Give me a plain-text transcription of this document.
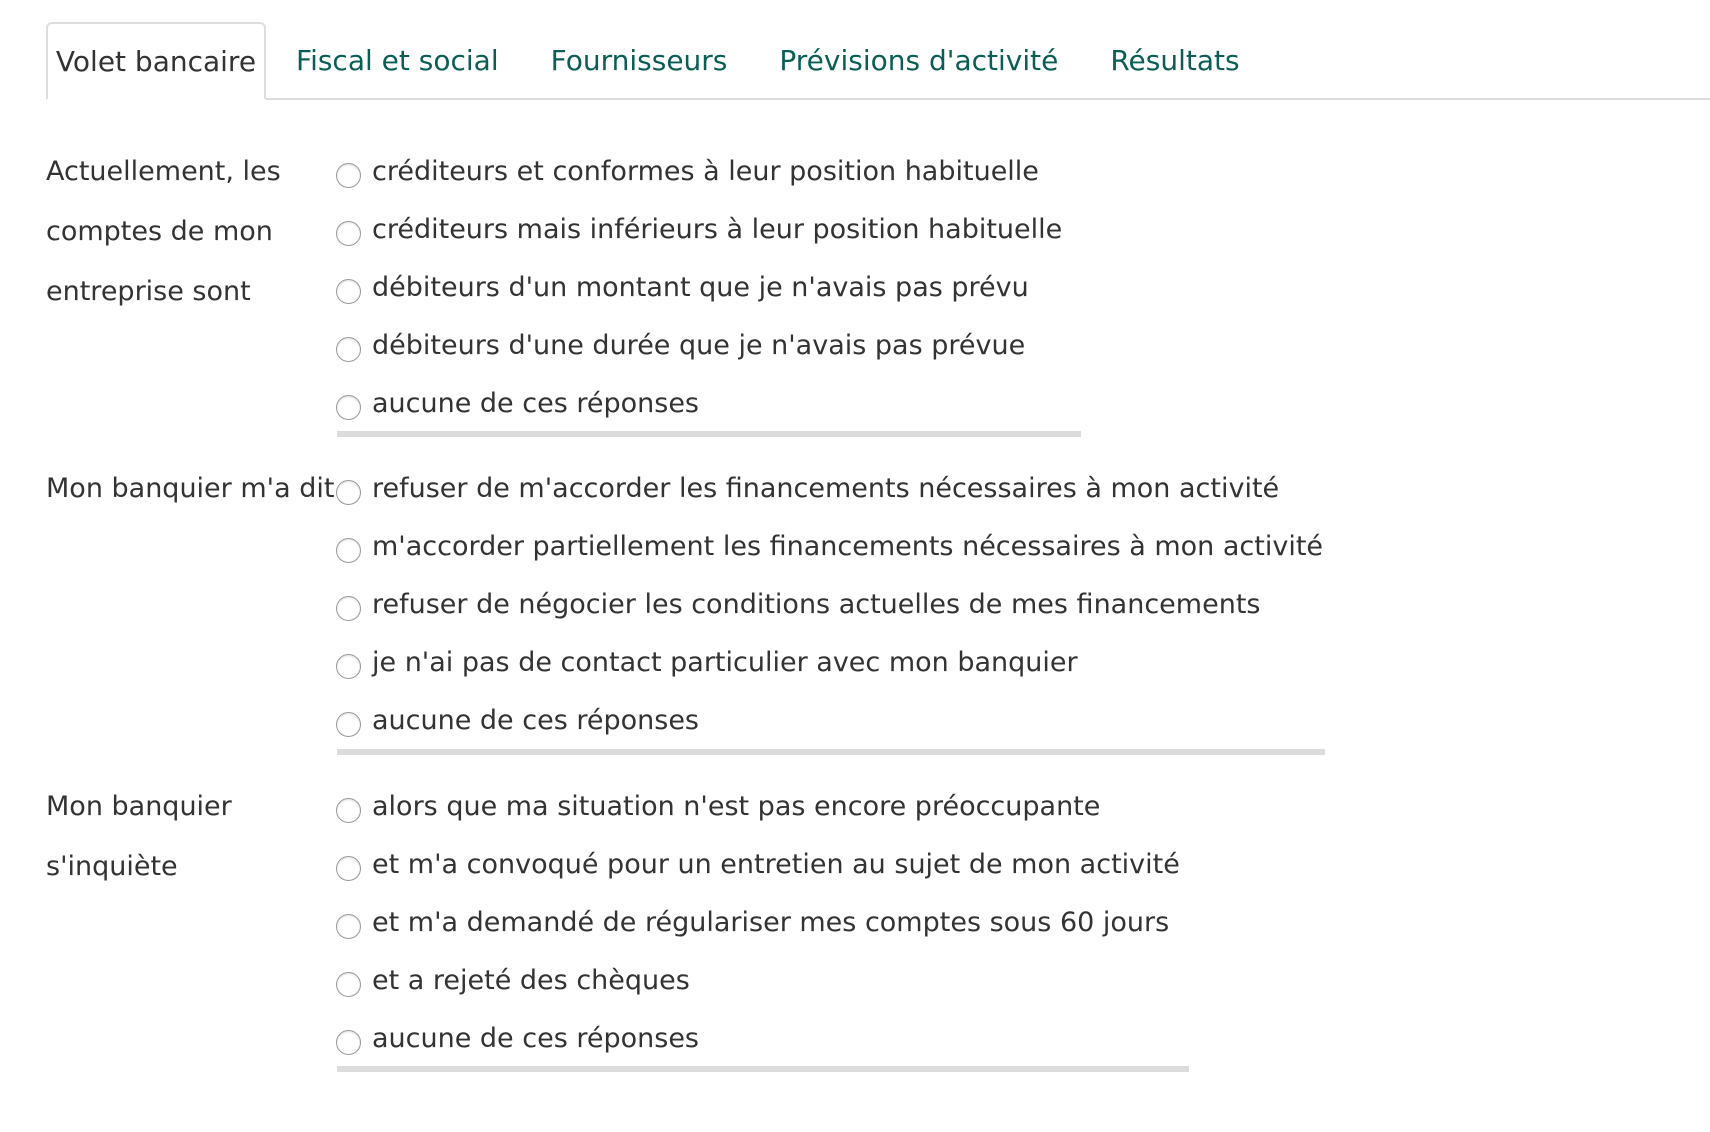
Volet bancaire Fiscal et social Fournisseurs Prévisions d'activité Résultats
Actuellement, les comptes de mon entreprise sont
créditeurs et conformes à leur position habituelle
créditeurs mais inférieurs à leur position habituelle
débiteurs d'un montant que je n'avais pas prévu
débiteurs d'une durée que je n'avais pas prévue
aucune de ces réponses
Mon banquier m'a dit refuser de m'accorder les financements nécessaires à mon activité
m'accorder partiellement les financements nécessaires à mon activité
refuser de négocier les conditions actuelles de mes financements
je n'ai pas de contact particulier avec mon banquier
aucune de ces réponses
Mon banquier s'inquiète
alors que ma situation n'est pas encore préoccupante
et m'a convoqué pour un entretien au sujet de mon activité
et m'a demandé de régulariser mes comptes sous 60 jours
et a rejeté des chèques
aucune de ces réponses
